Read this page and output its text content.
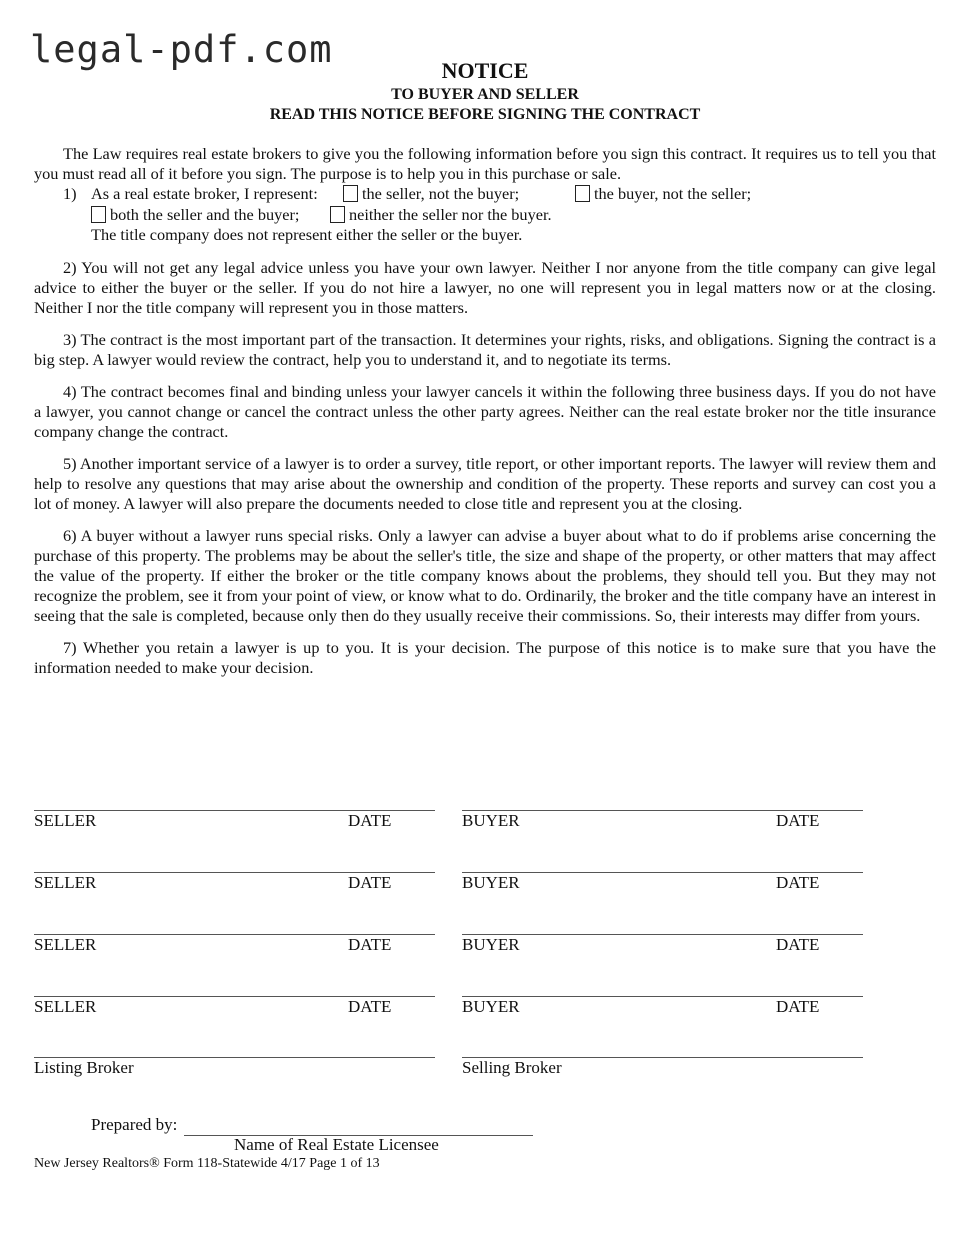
legal-pdf.com	NOTICE
TO BUYER AND SELLER
READ THIS NOTICE BEFORE SIGNING THE CONTRACT

The Law requires real estate brokers to give you the following information before you sign this contract. It requires us to tell you that you must read all of it before you sign. The purpose is to help you in this purchase or sale.

1) As a real estate broker, I represent:	the seller, not the buyer;	the buyer, not the seller;
both the seller and the buyer;	neither the seller nor the buyer.
The title company does not represent either the seller or the buyer.

2) You will not get any legal advice unless you have your own lawyer. Neither I nor anyone from the title company can give legal advice to either the buyer or the seller. If you do not hire a lawyer, no one will represent you in legal matters now or at the closing. Neither I nor the title company will represent you in those matters.

3) The contract is the most important part of the transaction. It determines your rights, risks, and obligations. Signing the contract is a big step. A lawyer would review the contract, help you to understand it, and to negotiate its terms.

4) The contract becomes final and binding unless your lawyer cancels it within the following three business days. If you do not have a lawyer, you cannot change or cancel the contract unless the other party agrees. Neither can the real estate broker nor the title insurance company change the contract.

5) Another important service of a lawyer is to order a survey, title report, or other important reports. The lawyer will review them and help to resolve any questions that may arise about the ownership and condition of the property. These reports and survey can cost you a lot of money. A lawyer will also prepare the documents needed to close title and represent you at the closing.

6) A buyer without a lawyer runs special risks. Only a lawyer can advise a buyer about what to do if problems arise concerning the purchase of this property. The problems may be about the seller's title, the size and shape of the property, or other matters that may affect the value of the property. If either the broker or the title company knows about the problems, they should tell you. But they may not recognize the problem, see it from your point of view, or know what to do. Ordinarily, the broker and the title company have an interest in seeing that the sale is completed, because only then do they usually receive their commissions. So, their interests may differ from yours.

7) Whether you retain a lawyer is up to you. It is your decision. The purpose of this notice is to make sure that you have the information needed to make your decision.

SELLER	DATE	BUYER	DATE
SELLER	DATE	BUYER	DATE
SELLER	DATE	BUYER	DATE
SELLER	DATE	BUYER	DATE
Listing Broker	Selling Broker
Prepared by:
Name of Real Estate Licensee
New Jersey Realtors® Form 118-Statewide 4/17 Page 1 of 13
